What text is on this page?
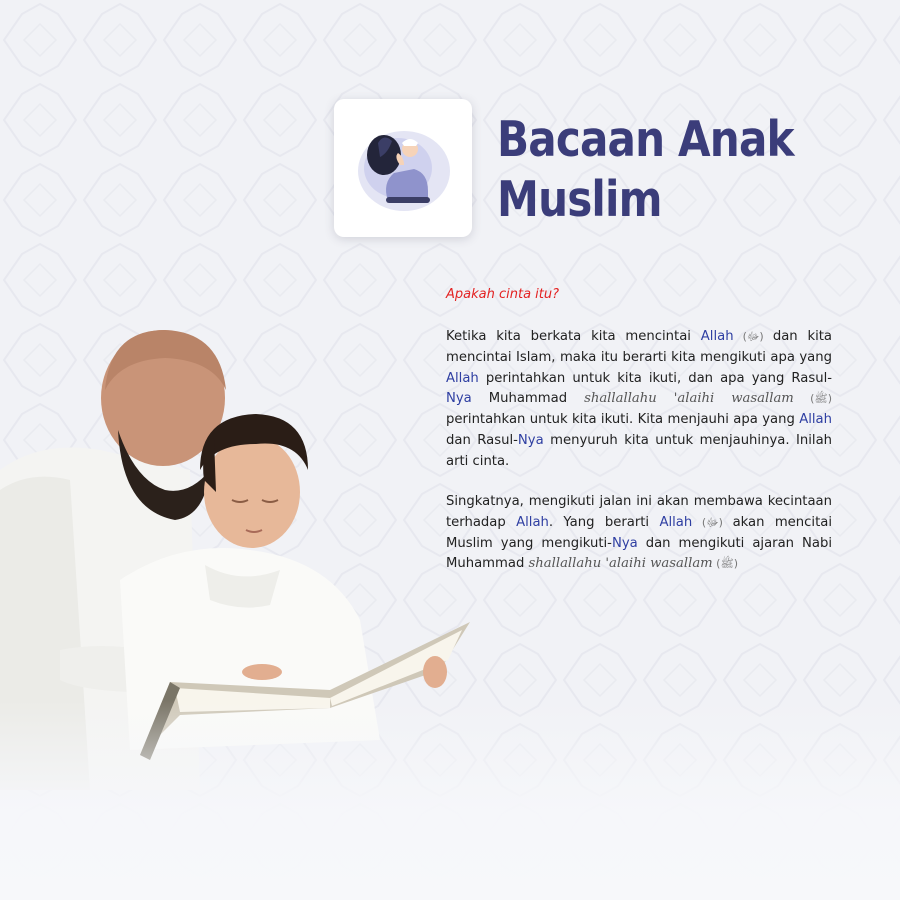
Bacaan Anak
Muslim
Apakah cinta itu?
Ketika kita berkata kita mencintai Allah (ﷻ) dan kita mencintai Islam, maka itu berarti kita mengikuti apa yang Allah perintahkan untuk kita ikuti, dan apa yang Rasul-Nya Muhammad shallallahu 'alaihi wasallam (ﷺ) perintahkan untuk kita ikuti. Kita menjauhi apa yang Allah dan Rasul-Nya menyuruh kita untuk menjauhinya. Inilah arti cinta.
Singkatnya, mengikuti jalan ini akan membawa kecintaan terhadap Allah. Yang berarti Allah (ﷻ) akan mencitai Muslim yang mengikuti-Nya dan mengikuti ajaran Nabi Muhammad shallallahu 'alaihi wasallam (ﷺ)
